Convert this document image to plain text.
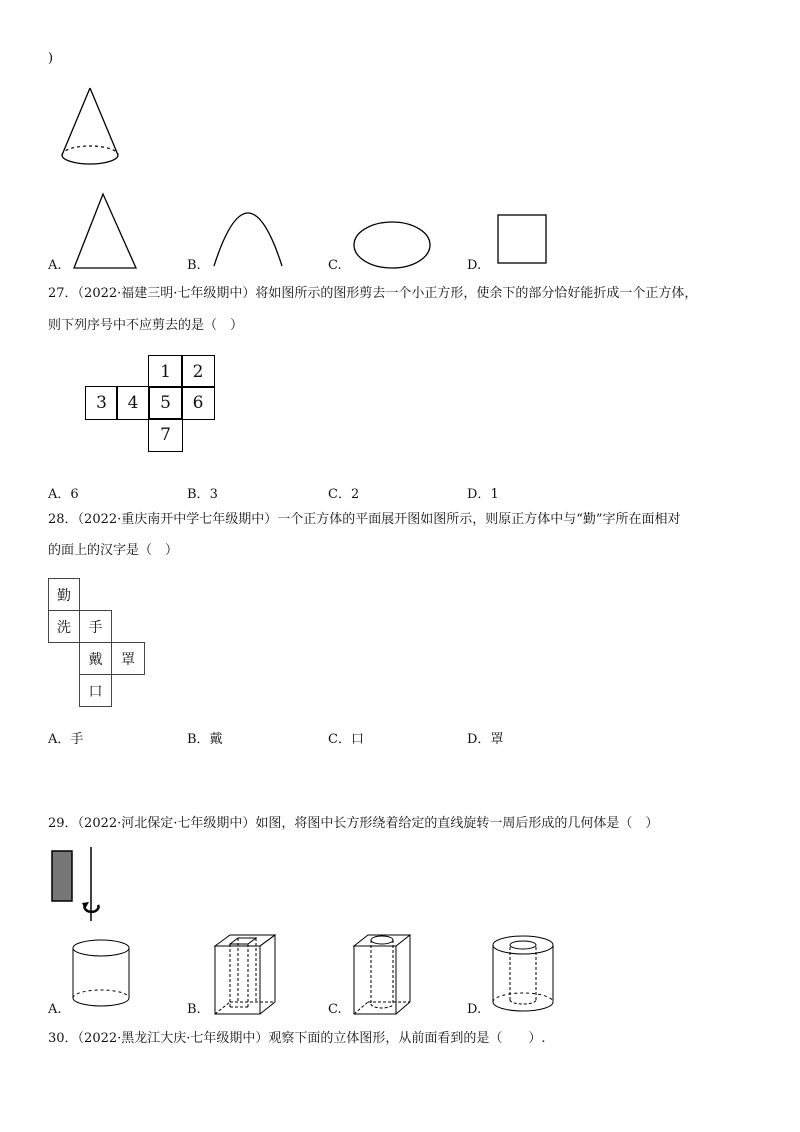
)
A.	B.	C.	D.
27．（2022·福建三明·七年级期中）将如图所示的图形剪去一个小正方形，使余下的部分恰好能折成一个正方体，
则下列序号中不应剪去的是（　）
1	2
3	4	5	6
7
A．6	B．3	C．2	D．1
28．（2022·重庆南开中学七年级期中）一个正方体的平面展开图如图所示，则原正方体中与“勤”字所在面相对
的面上的汉字是（　）
勤
洗	手
戴	罩
口
A．手	B．戴	C．口	D．罩
29．（2022·河北保定·七年级期中）如图，将图中长方形绕着给定的直线旋转一周后形成的几何体是（　）
A.	B.	C.	D.
30．（2022·黑龙江大庆·七年级期中）观察下面的立体图形，从前面看到的是（　　）.
